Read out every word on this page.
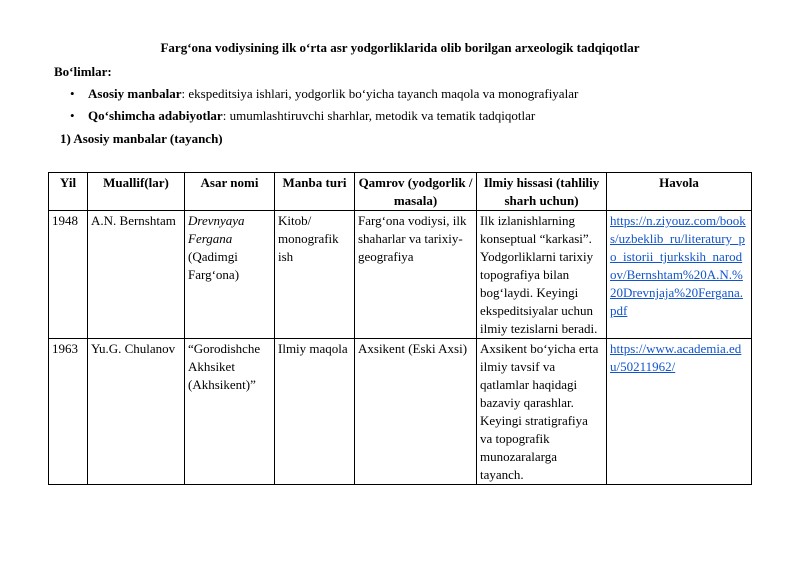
Farg‘ona vodiysining ilk o‘rta asr yodgorliklarida olib borilgan arxeologik tadqiqotlar
Bo‘limlar:
• Asosiy manbalar: ekspeditsiya ishlari, yodgorlik bo‘yicha tayanch maqola va monografiyalar
• Qo‘shimcha adabiyotlar: umumlashtiruvchi sharhlar, metodik va tematik tadqiqotlar
1) Asosiy manbalar (tayanch)
Yil	Muallif(lar)	Asar nomi	Manba turi	Qamrov (yodgorlik / masala)	Ilmiy hissasi (tahliliy sharh uchun)	Havola
1948	A.N. Bernshtam	Drevnyaya Fergana (Qadimgi Farg‘ona)	Kitob/ monografik ish	Farg‘ona vodiysi, ilk shaharlar va tarixiy-geografiya	Ilk izlanishlarning konseptual “karkasi”. Yodgorliklarni tarixiy topografiya bilan bog‘laydi. Keyingi ekspeditsiyalar uchun ilmiy tezislarni beradi.	https://n.ziyouz.com/books/uzbeklib_ru/literatury_po_istorii_tjurkskih_narodov/Bernshtam%20A.N.%20Drevnjaja%20Fergana.pdf
1963	Yu.G. Chulanov	“Gorodishche Akhsiket (Akhsikent)”	Ilmiy maqola	Axsikent (Eski Axsi)	Axsikent bo‘yicha erta ilmiy tavsif va qatlamlar haqidagi bazaviy qarashlar. Keyingi stratigrafiya va topografik munozaralarga tayanch.	https://www.academia.edu/50211962/
